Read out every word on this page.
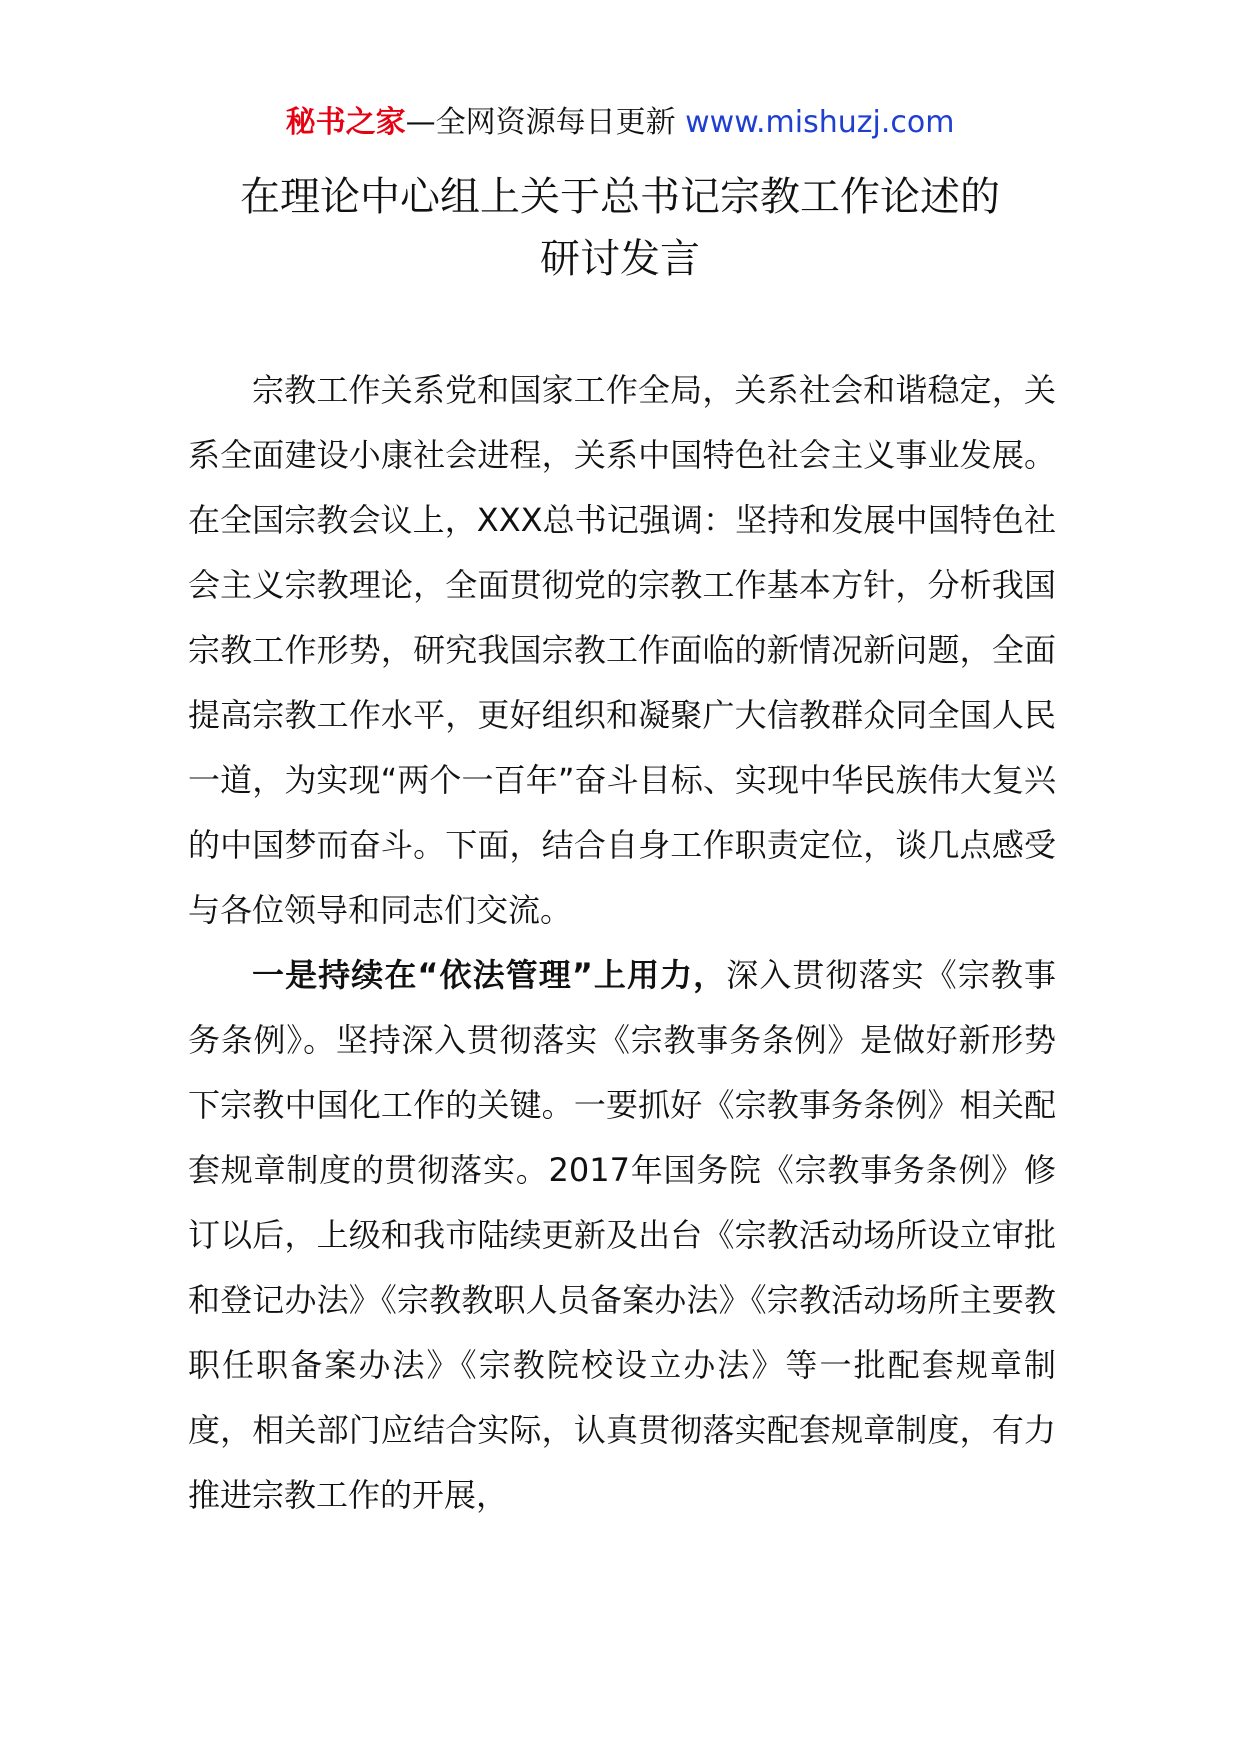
秘书之家—全网资源每日更新 www.mishuzj.com
在理论中心组上关于总书记宗教工作论述的
研讨发言

宗教工作关系党和国家工作全局，关系社会和谐稳定，关系全面建设小康社会进程，关系中国特色社会主义事业发展。在全国宗教会议上，XXX总书记强调：坚持和发展中国特色社会主义宗教理论，全面贯彻党的宗教工作基本方针，分析我国宗教工作形势，研究我国宗教工作面临的新情况新问题，全面提高宗教工作水平，更好组织和凝聚广大信教群众同全国人民一道，为实现“两个一百年”奋斗目标、实现中华民族伟大复兴的中国梦而奋斗。下面，结合自身工作职责定位，谈几点感受与各位领导和同志们交流。

一是持续在“依法管理”上用力，深入贯彻落实《宗教事务条例》。坚持深入贯彻落实《宗教事务条例》是做好新形势下宗教中国化工作的关键。一要抓好《宗教事务条例》相关配套规章制度的贯彻落实。2017年国务院《宗教事务条例》修订以后，上级和我市陆续更新及出台《宗教活动场所设立审批和登记办法》《宗教教职人员备案办法》《宗教活动场所主要教职任职备案办法》《宗教院校设立办法》等一批配套规章制度，相关部门应结合实际，认真贯彻落实配套规章制度，有力推进宗教工作的开展，
